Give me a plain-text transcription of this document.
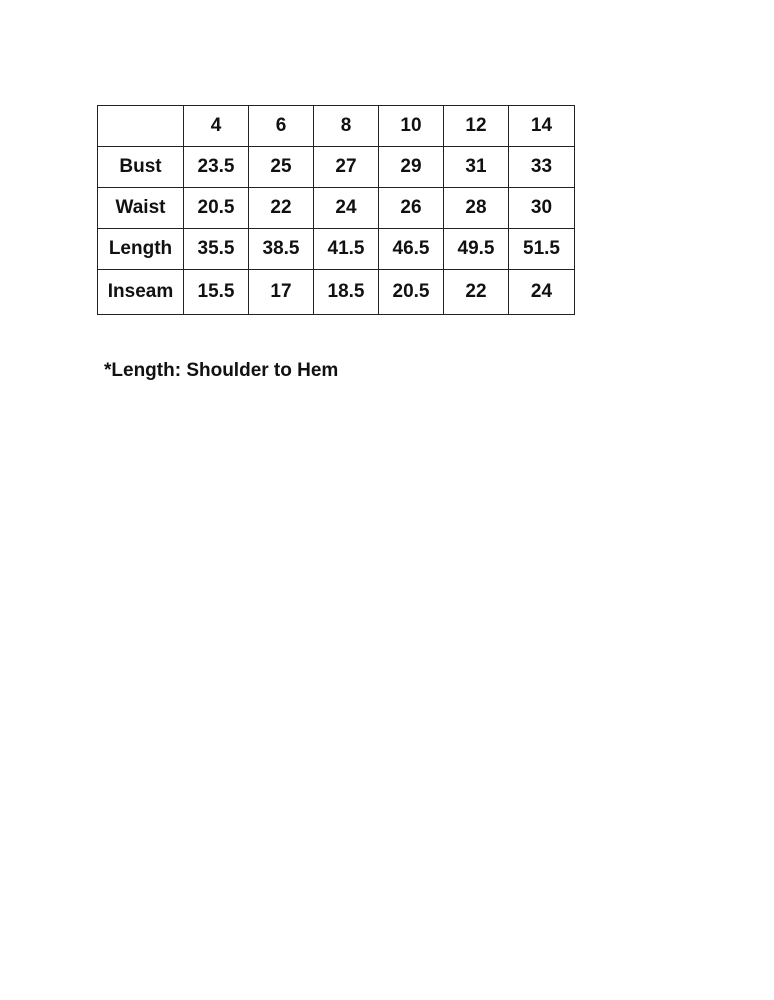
	4	6	8	10	12	14
Bust	23.5	25	27	29	31	33
Waist	20.5	22	24	26	28	30
Length	35.5	38.5	41.5	46.5	49.5	51.5
Inseam	15.5	17	18.5	20.5	22	24

*Length: Shoulder to Hem
